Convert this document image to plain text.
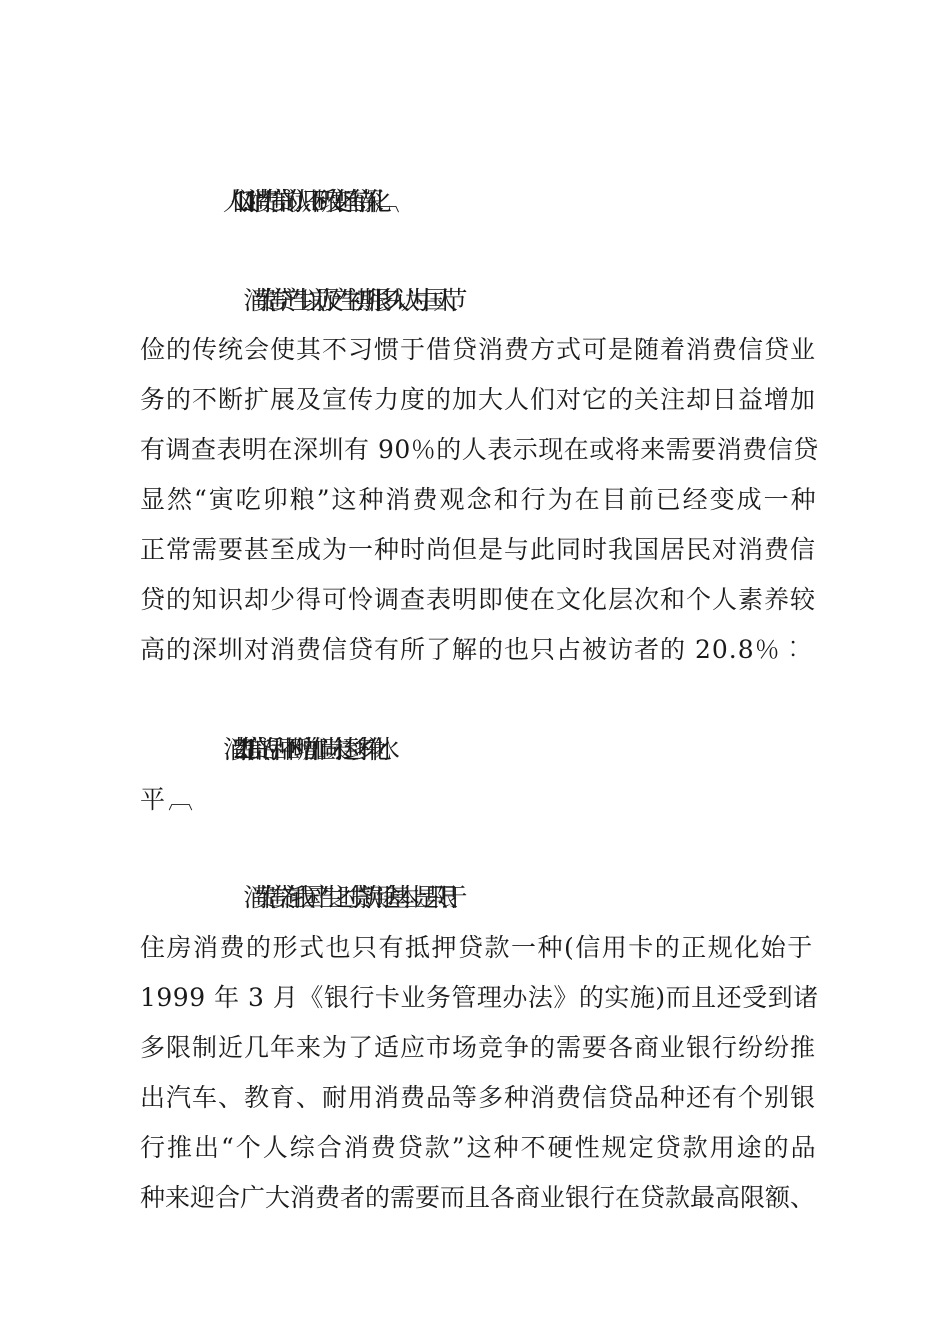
1.1 人们对消费信贷的认识不断改变但有待深化︹
消费信贷产生以前及产生初期很多人认为中国人节
俭的传统会使其不习惯于借贷消费方式可是随着消费信贷业
务的不断扩展及宣传力度的加大人们对它的关注却日益增加
有调查表明在深圳有 90％的人表示现在或将来需要消费信贷
显然“寅吃卯粮”这种消费观念和行为在目前已经变成一种
正常需要甚至成为一种时尚但是与此同时我国居民对消费信
贷的知识却少得可怜调查表明即使在文化层次和个人素养较
高的深圳对消费信贷有所了解的也只占被访者的 20.8％︰
1.2 消费信贷的品种不断增加但尚未达到多样化水
平︹
消费信贷在我国产生之时贷款用途基本上是只限于
住房消费的形式也只有抵押贷款一种(信用卡的正规化始于
1999 年 3 月《银行卡业务管理办法》的实施)而且还受到诸
多限制近几年来为了适应市场竞争的需要各商业银行纷纷推
出汽车、教育、耐用消费品等多种消费信贷品种还有个别银
行推出“个人综合消费贷款”这种不硬性规定贷款用途的品
种来迎合广大消费者的需要而且各商业银行在贷款最高限额、
